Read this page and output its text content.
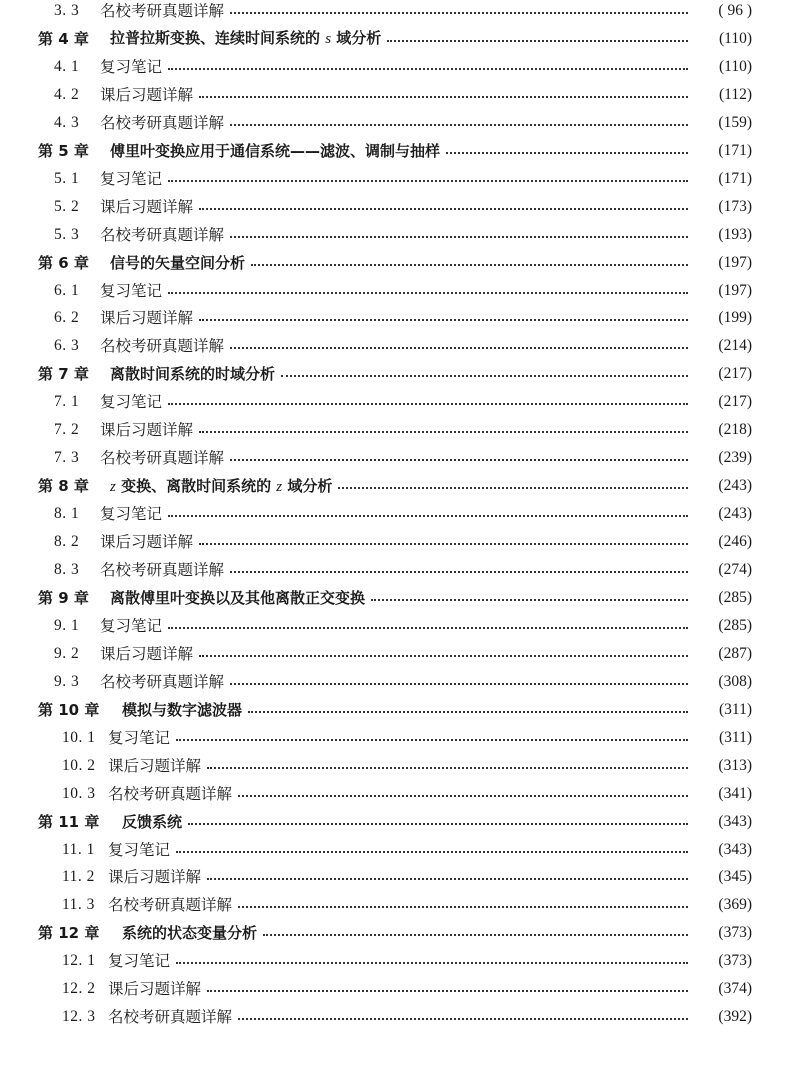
3. 3	名校考研真题详解	( 96 )
第 4 章	拉普拉斯变换、连续时间系统的 s 域分析	(110)
4. 1	复习笔记	(110)
4. 2	课后习题详解	(112)
4. 3	名校考研真题详解	(159)
第 5 章	傅里叶变换应用于通信系统——滤波、调制与抽样	(171)
5. 1	复习笔记	(171)
5. 2	课后习题详解	(173)
5. 3	名校考研真题详解	(193)
第 6 章	信号的矢量空间分析	(197)
6. 1	复习笔记	(197)
6. 2	课后习题详解	(199)
6. 3	名校考研真题详解	(214)
第 7 章	离散时间系统的时域分析	(217)
7. 1	复习笔记	(217)
7. 2	课后习题详解	(218)
7. 3	名校考研真题详解	(239)
第 8 章	z 变换、离散时间系统的 z 域分析	(243)
8. 1	复习笔记	(243)
8. 2	课后习题详解	(246)
8. 3	名校考研真题详解	(274)
第 9 章	离散傅里叶变换以及其他离散正交变换	(285)
9. 1	复习笔记	(285)
9. 2	课后习题详解	(287)
9. 3	名校考研真题详解	(308)
第 10 章	模拟与数字滤波器	(311)
10. 1 复习笔记	(311)
10. 2 课后习题详解	(313)
10. 3 名校考研真题详解	(341)
第 11 章	反馈系统	(343)
11. 1 复习笔记	(343)
11. 2 课后习题详解	(345)
11. 3 名校考研真题详解	(369)
第 12 章	系统的状态变量分析	(373)
12. 1 复习笔记	(373)
12. 2 课后习题详解	(374)
12. 3 名校考研真题详解	(392)
